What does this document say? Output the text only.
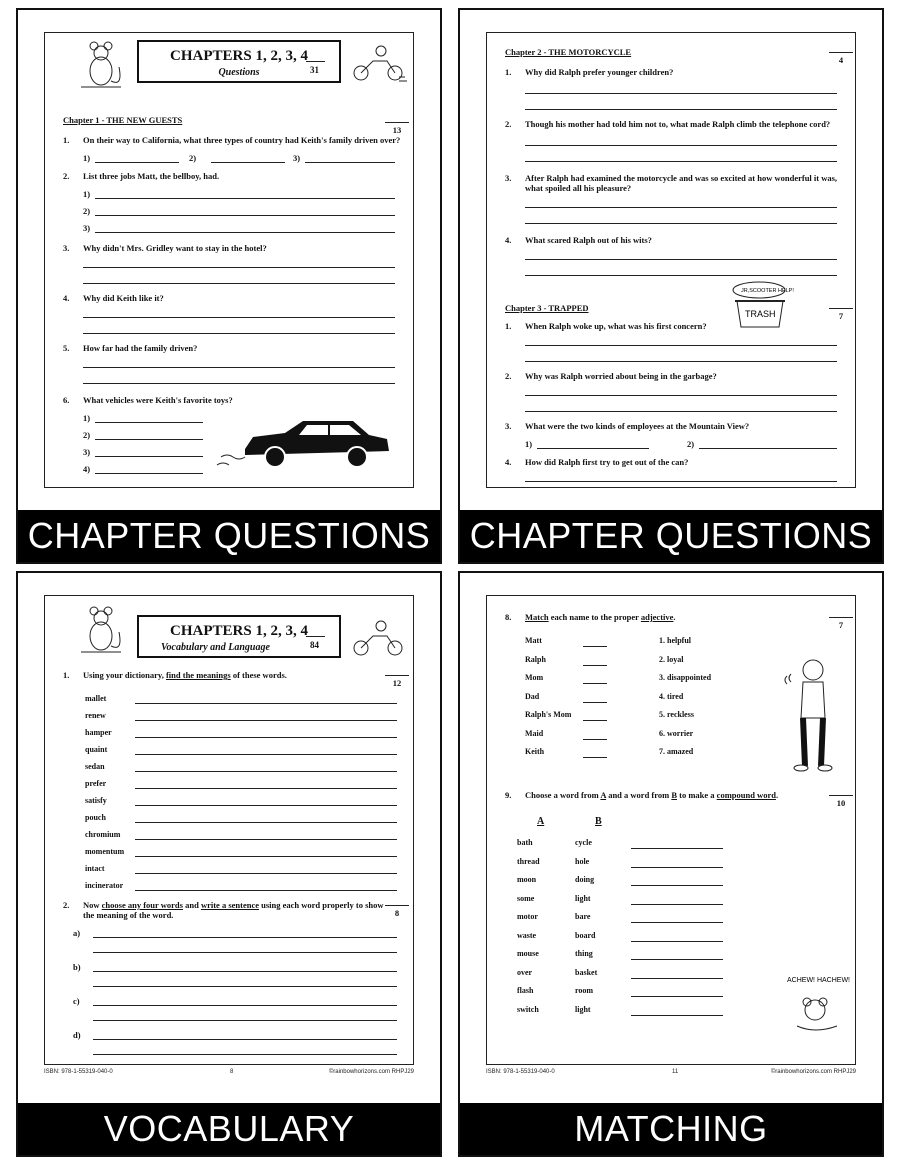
CHAPTERS 1, 2, 3, 4
Questions	31
Chapter 1 - THE NEW GUESTS
13
1. On their way to California, what three types of country had Keith's family driven over?
1)	2)	3)
2. List three jobs Matt, the bellboy, had.
1)
2)
3)
3. Why didn't Mrs. Gridley want to stay in the hotel?
4. Why did Keith like it?
5. How far had the family driven?
6. What vehicles were Keith's favorite toys?
1)
2)
3)
4)
CHAPTER QUESTIONS
Chapter 2 - THE MOTORCYCLE
4
1. Why did Ralph prefer younger children?
2. Though his mother had told him not to, what made Ralph climb the telephone cord?
3. After Ralph had examined the motorcycle and was so excited at how wonderful it was,
what spoiled all his pleasure?
4. What scared Ralph out of his wits?
JR,SCOOTER HELP!
TRASH
Chapter 3 - TRAPPED
7
1. When Ralph woke up, what was his first concern?
2. Why was Ralph worried about being in the garbage?
3. What were the two kinds of employees at the Mountain View?
1)	2)
4. How did Ralph first try to get out of the can?
CHAPTER QUESTIONS
CHAPTERS 1, 2, 3, 4
Vocabulary and Language	84
1. Using your dictionary, find the meanings of these words.
12
mallet
renew
hamper
quaint
sedan
prefer
satisfy
pouch
chromium
momentum
intact
incinerator
2. Now choose any four words and write a sentence using each word properly to show
the meaning of the word.	8
a)
b)
c)
d)
ISBN: 978-1-55319-040-0	8	©rainbowhorizons.com RHPJ29
VOCABULARY
8. Match each name to the proper adjective.
7
Matt	1. helpful
Ralph	2. loyal
Mom	3. disappointed
Dad	4. tired
Ralph's Mom	5. reckless
Maid	6. worrier
Keith	7. amazed
9. Choose a word from A and a word from B to make a compound word.
10
A	B
bath	cycle
thread	hole
moon	doing
some	light
motor	bare
waste	board
mouse	thing
over	basket
flash	room
switch	light
ACHEW! HACHEW!
ISBN: 978-1-55319-040-0	11	©rainbowhorizons.com RHPJ29
MATCHING
